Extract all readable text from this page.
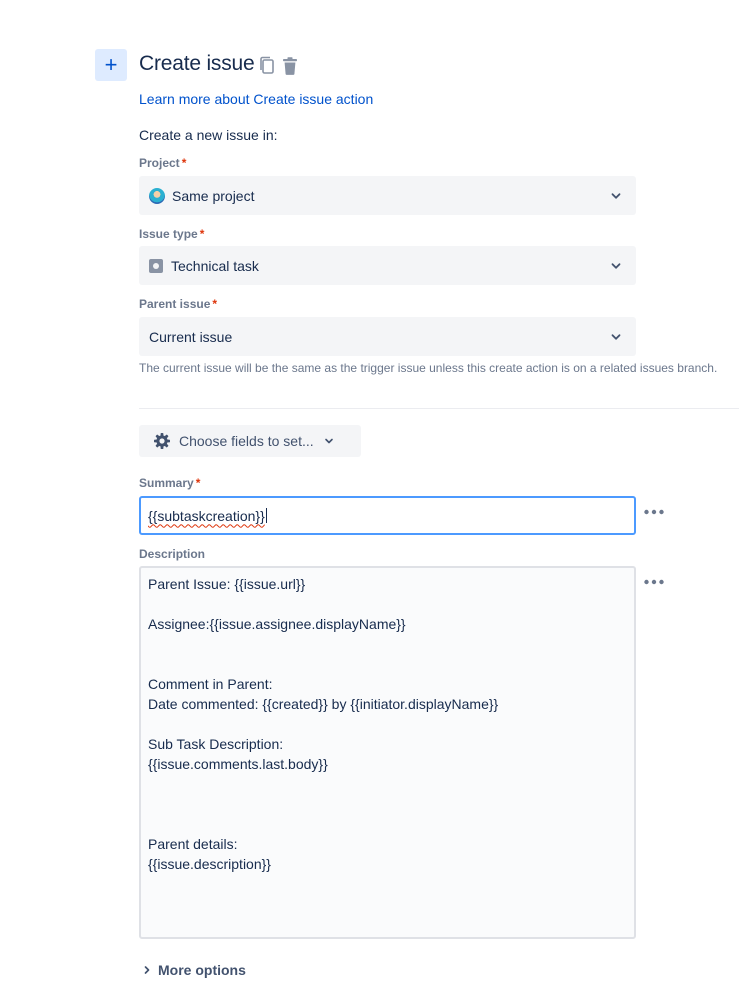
+	Create issue
Learn more about Create issue action
Create a new issue in:
Project *
Same project
Issue type *
Technical task
Parent issue *
Current issue
The current issue will be the same as the trigger issue unless this create action is on a related issues branch.
Choose fields to set...
Summary *
{{subtaskcreation}}
Description
Parent Issue: {{issue.url}}

Assignee:{{issue.assignee.displayName}}

Comment in Parent:
Date commented: {{created}} by {{initiator.displayName}}

Sub Task Description:
{{issue.comments.last.body}}

Parent details:
{{issue.description}}
More options
